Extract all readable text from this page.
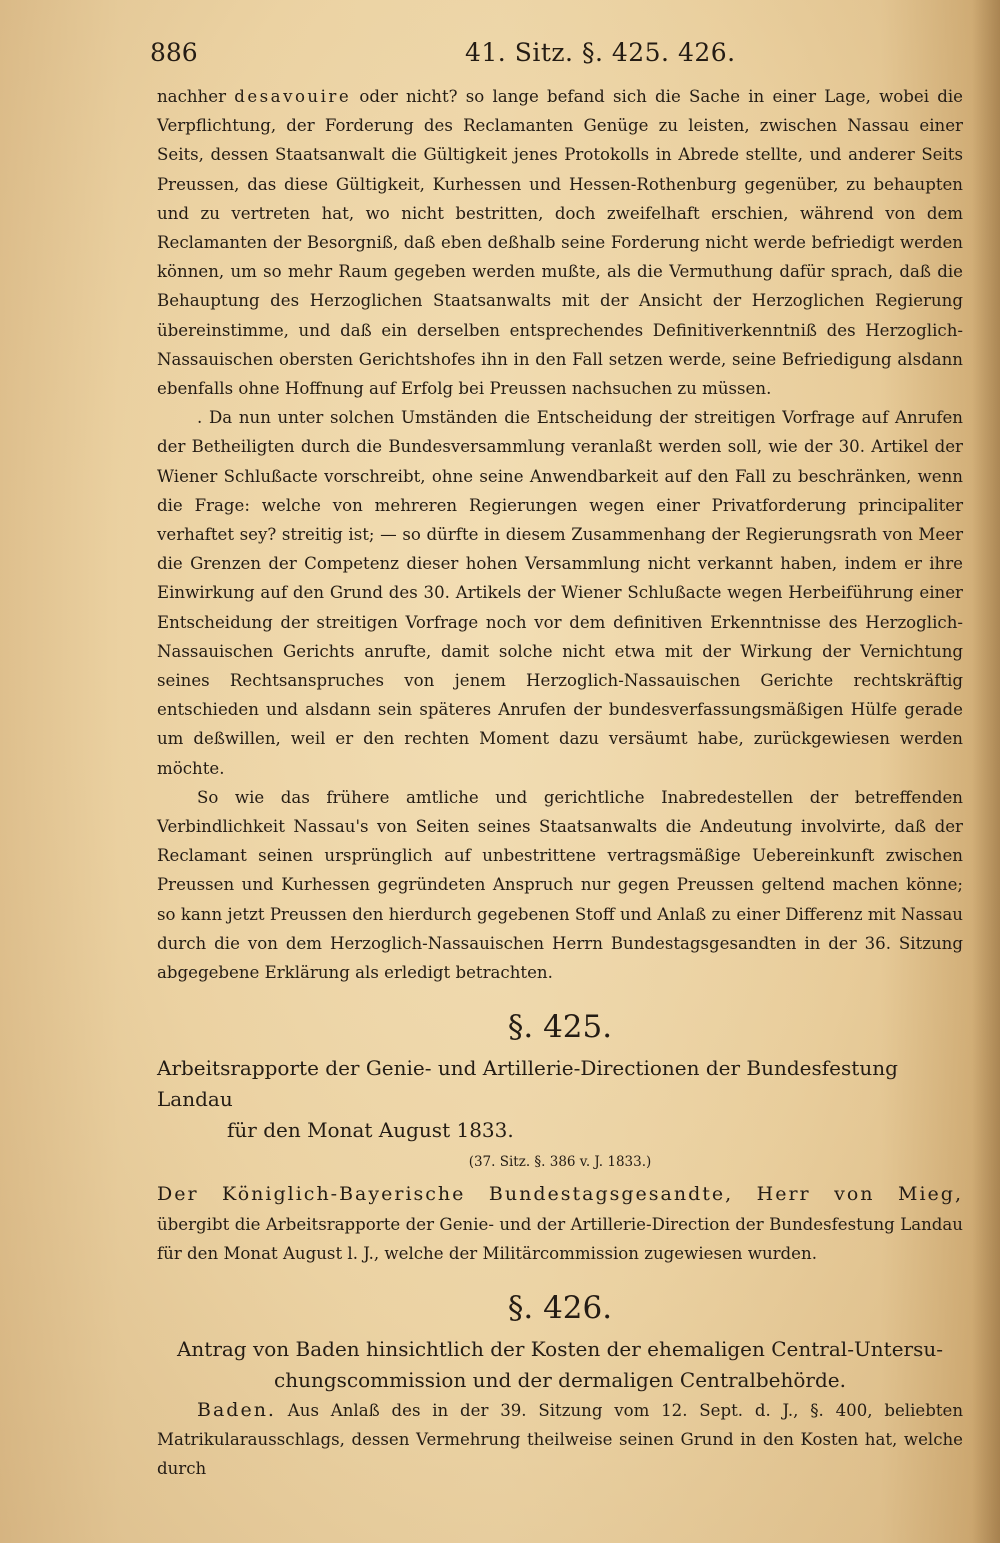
886	41. Sitz. §. 425. 426.

nachher desavouire oder nicht? so lange befand sich die Sache in einer Lage, wobei die Verpflichtung, der Forderung des Reclamanten Genüge zu leisten, zwischen Nassau einer Seits, dessen Staatsanwalt die Gültigkeit jenes Protokolls in Abrede stellte, und anderer Seits Preussen, das diese Gültigkeit, Kurhessen und Hessen-Rothenburg gegenüber, zu behaupten und zu vertreten hat, wo nicht bestritten, doch zweifelhaft erschien, während von dem Reclamanten der Besorgniß, daß eben deßhalb seine Forderung nicht werde befriedigt werden können, um so mehr Raum gegeben werden mußte, als die Vermuthung dafür sprach, daß die Behauptung des Herzoglichen Staatsanwalts mit der Ansicht der Herzoglichen Regierung übereinstimme, und daß ein derselben entsprechendes Definitiverkenntniß des Herzoglich-Nassauischen obersten Gerichtshofes ihn in den Fall setzen werde, seine Befriedigung alsdann ebenfalls ohne Hoffnung auf Erfolg bei Preussen nachsuchen zu müssen.

. Da nun unter solchen Umständen die Entscheidung der streitigen Vorfrage auf Anrufen der Betheiligten durch die Bundesversammlung veranlaßt werden soll, wie der 30. Artikel der Wiener Schlußacte vorschreibt, ohne seine Anwendbarkeit auf den Fall zu beschränken, wenn die Frage: welche von mehreren Regierungen wegen einer Privatforderung principaliter verhaftet sey? streitig ist; — so dürfte in diesem Zusammenhang der Regierungsrath von Meer die Grenzen der Competenz dieser hohen Versammlung nicht verkannt haben, indem er ihre Einwirkung auf den Grund des 30. Artikels der Wiener Schlußacte wegen Herbeiführung einer Entscheidung der streitigen Vorfrage noch vor dem definitiven Erkenntnisse des Herzoglich-Nassauischen Gerichts anrufte, damit solche nicht etwa mit der Wirkung der Vernichtung seines Rechtsanspruches von jenem Herzoglich-Nassauischen Gerichte rechtskräftig entschieden und alsdann sein späteres Anrufen der bundesverfassungsmäßigen Hülfe gerade um deßwillen, weil er den rechten Moment dazu versäumt habe, zurückgewiesen werden möchte.

So wie das frühere amtliche und gerichtliche Inabredestellen der betreffenden Verbindlichkeit Nassau's von Seiten seines Staatsanwalts die Andeutung involvirte, daß der Reclamant seinen ursprünglich auf unbestrittene vertragsmäßige Uebereinkunft zwischen Preussen und Kurhessen gegründeten Anspruch nur gegen Preussen geltend machen könne; so kann jetzt Preussen den hierdurch gegebenen Stoff und Anlaß zu einer Differenz mit Nassau durch die von dem Herzoglich-Nassauischen Herrn Bundestagsgesandten in der 36. Sitzung abgegebene Erklärung als erledigt betrachten.

§. 425.

Arbeitsrapporte der Genie- und Artillerie-Directionen der Bundesfestung Landau
für den Monat August 1833.

(37. Sitz. §. 386 v. J. 1833.)

Der Königlich-Bayerische Bundestagsgesandte, Herr von Mieg, übergibt die Arbeitsrapporte der Genie- und der Artillerie-Direction der Bundesfestung Landau für den Monat August l. J., welche der Militärcommission zugewiesen wurden.

§. 426.

Antrag von Baden hinsichtlich der Kosten der ehemaligen Central-Untersu-
chungscommission und der dermaligen Centralbehörde.

Baden. Aus Anlaß des in der 39. Sitzung vom 12. Sept. d. J., §. 400, beliebten Matrikularausschlags, dessen Vermehrung theilweise seinen Grund in den Kosten hat, welche durch
